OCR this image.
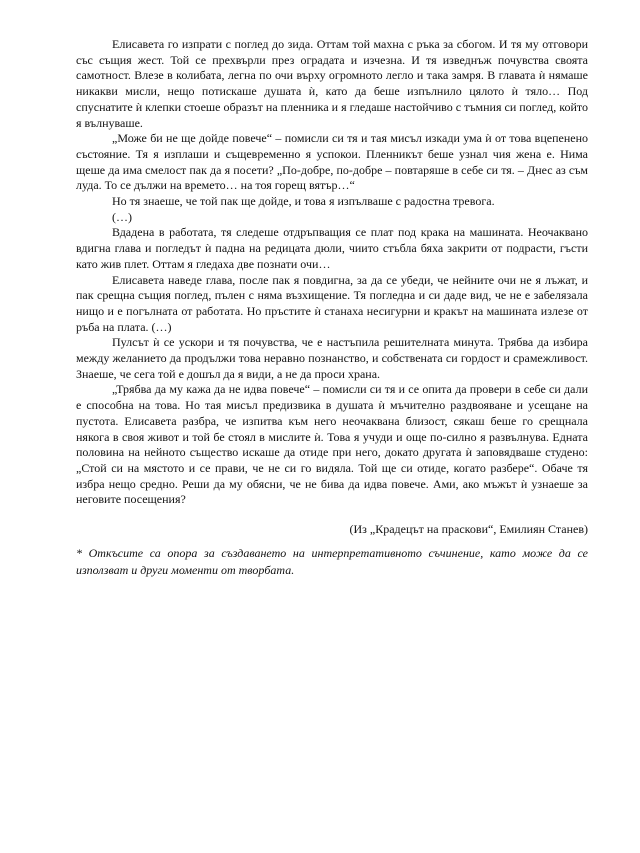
Елисавета го изпрати с поглед до зида. Оттам той махна с ръка за сбогом. И тя му отговори със същия жест. Той се прехвърли през оградата и изчезна. И тя изведнъж почувства своята самотност. Влезе в колибата, легна по очи върху огромното легло и така замря. В главата ѝ нямаше никакви мисли, нещо потискаше душата ѝ, като да беше изпълнило цялото ѝ тяло… Под спуснатите ѝ клепки стоеше образът на пленника и я гледаше настойчиво с тъмния си поглед, който я вълнуваше.

„Може би не ще дойде повече“ – помисли си тя и тая мисъл изкади ума ѝ от това вцепенено състояние. Тя я изплаши и същевременно я успокои. Пленникът беше узнал чия жена е. Нима щеше да има смелост пак да я посети? „По-добре, по-добре – повтаряше в себе си тя. – Днес аз съм луда. То се дължи на времето… на тоя горещ вятър…“

Но тя знаеше, че той пак ще дойде, и това я изпълваше с радостна тревога.

(…)

Вдадена в работата, тя следеше отдръпващия се плат под крака на машината. Неочаквано вдигна глава и погледът ѝ падна на редицата дюли, чиито стъбла бяха закрити от подрасти, гъсти като жив плет. Оттам я гледаха две познати очи…

Елисавета наведе глава, после пак я повдигна, за да се убеди, че нейните очи не я лъжат, и пак срещна същия поглед, пълен с няма възхищение. Тя погледна и си даде вид, че не е забелязала нищо и е погълната от работата. Но пръстите ѝ станаха несигурни и кракът на машината излезе от ръба на плата. (…)

Пулсът ѝ се ускори и тя почувства, че е настъпила решителната минута. Трябва да избира между желанието да продължи това неравно познанство, и собствената си гордост и срамежливост. Знаеше, че сега той е дошъл да я види, а не да проси храна.

„Трябва да му кажа да не идва повече“ – помисли си тя и се опита да провери в себе си дали е способна на това. Но тая мисъл предизвика в душата ѝ мъчително раздвояване и усещане на пустота. Елисавета разбра, че изпитва към него неочаквана близост, сякаш беше го срещнала някога в своя живот и той бе стоял в мислите ѝ. Това я учуди и още по-силно я развълнува. Едната половина на нейното същество искаше да отиде при него, докато другата ѝ заповядваше студено: „Стой си на мястото и се прави, че не си го видяла. Той ще си отиде, когато разбере“. Обаче тя избра нещо средно. Реши да му обясни, че не бива да идва повече. Ами, ако мъжът ѝ узнаеше за неговите посещения?

(Из „Крадецът на праскови“, Емилиян Станев)

* Откъсите са опора за създаването на интерпретативното съчинение, като може да се използват и други моменти от творбата.
